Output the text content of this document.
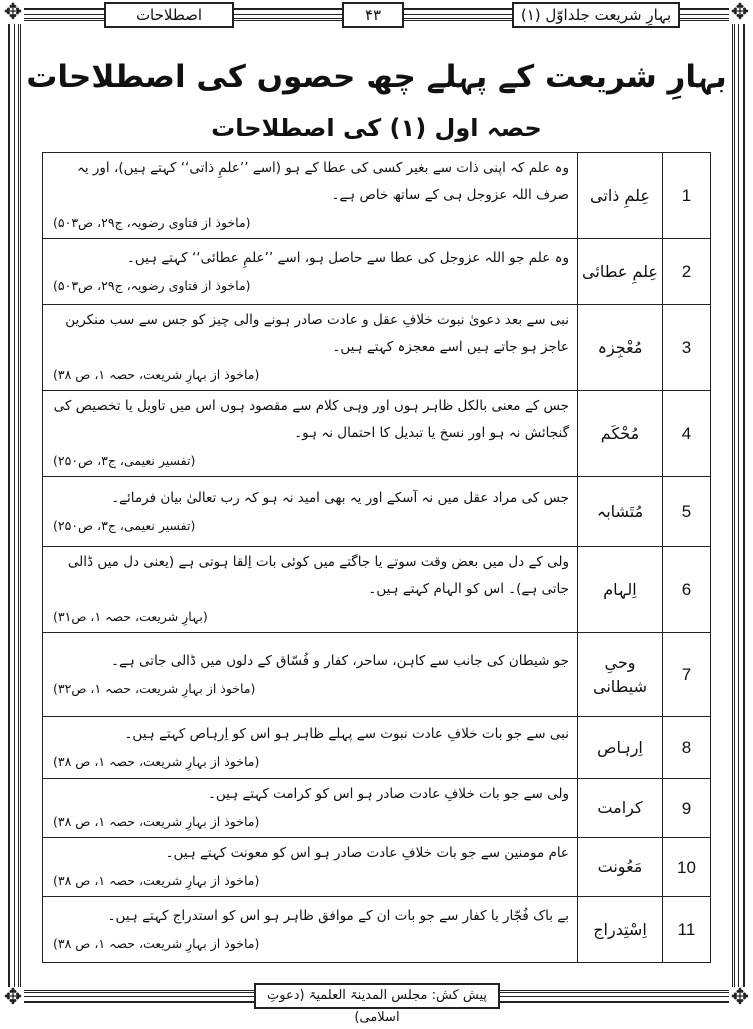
✥	✥
✥	✥
اصطلاحات	۴۳	بہارِ شریعت جلداوّل (۱)
بہارِ شریعت کے پہلے چھ حصوں کی اصطلاحات
حصہ اول (۱) کی اصطلاحات
1	عِلمِ ذاتی	وہ علم کہ اپنی ذات سے بغیر کسی کی عطا کے ہو (اسے ’’علمِ ذاتی‘‘ کہتے ہیں)، اور یہ صرف اللہ عزوجل ہی کے ساتھ خاص ہے۔
(ماخوذ از فتاوی رضویہ، ج۲۹، ص۵۰۳)

2	عِلمِ عطائی	وہ علم جو اللہ عزوجل کی عطا سے حاصل ہو، اسے ’’علمِ عطائی‘‘ کہتے ہیں۔
(ماخوذ از فتاوی رضویہ، ج۲۹، ص۵۰۳)

3	مُعْجِزہ	نبی سے بعد دعویٰ نبوت خلافِ عقل و عادت صادر ہونے والی چیز کو جس سے سب منکرین عاجز ہو جاتے ہیں اسے معجزہ کہتے ہیں۔
(ماخوذ از بہارِ شریعت، حصہ ۱، ص ۳۸)

4	مُحْکَم	جس کے معنی بالکل ظاہر ہوں اور وہی کلام سے مقصود ہوں اس میں تاویل یا تخصیص کی گنجائش نہ ہو اور نسخ یا تبدیل کا احتمال نہ ہو۔
(تفسیر نعیمی، ج۳، ص۲۵۰)

5	مُتَشابہ	جس کی مراد عقل میں نہ آسکے اور یہ بھی امید نہ ہو کہ رب تعالیٰ بیان فرمائے۔
(تفسیر نعیمی، ج۳، ص۲۵۰)

6	اِلہام	ولی کے دل میں بعض وقت سوتے یا جاگتے میں کوئی بات اِلقا ہوتی ہے (یعنی دل میں ڈالی جاتی ہے)۔ اس کو الہام کہتے ہیں۔
(بہارِ شریعت، حصہ ۱، ص۳۱)

7	وحیِ شیطانی	جو شیطان کی جانب سے کاہن، ساحر، کفار و فُسّاق کے دلوں میں ڈالی جاتی ہے۔
(ماخوذ از بہارِ شریعت، حصہ ۱، ص۳۲)

8	اِرہاص	نبی سے جو بات خلافِ عادت نبوت سے پہلے ظاہر ہو اس کو اِرہاص کہتے ہیں۔
(ماخوذ از بہارِ شریعت، حصہ ۱، ص ۳۸)

9	کرامت	ولی سے جو بات خلافِ عادت صادر ہو اس کو کرامت کہتے ہیں۔
(ماخوذ از بہارِ شریعت، حصہ ۱، ص ۳۸)

10	مَعُونت	عام مومنین سے جو بات خلافِ عادت صادر ہو اس کو معونت کہتے ہیں۔
(ماخوذ از بہارِ شریعت، حصہ ۱، ص ۳۸)

11	اِسْتِدراج	بے باک فُجّار یا کفار سے جو بات ان کے موافق ظاہر ہو اس کو استدراج کہتے ہیں۔
(ماخوذ از بہارِ شریعت، حصہ ۱، ص ۳۸)
پیش کش: مجلس المدینۃ العلمیۃ (دعوتِ اسلامی)
